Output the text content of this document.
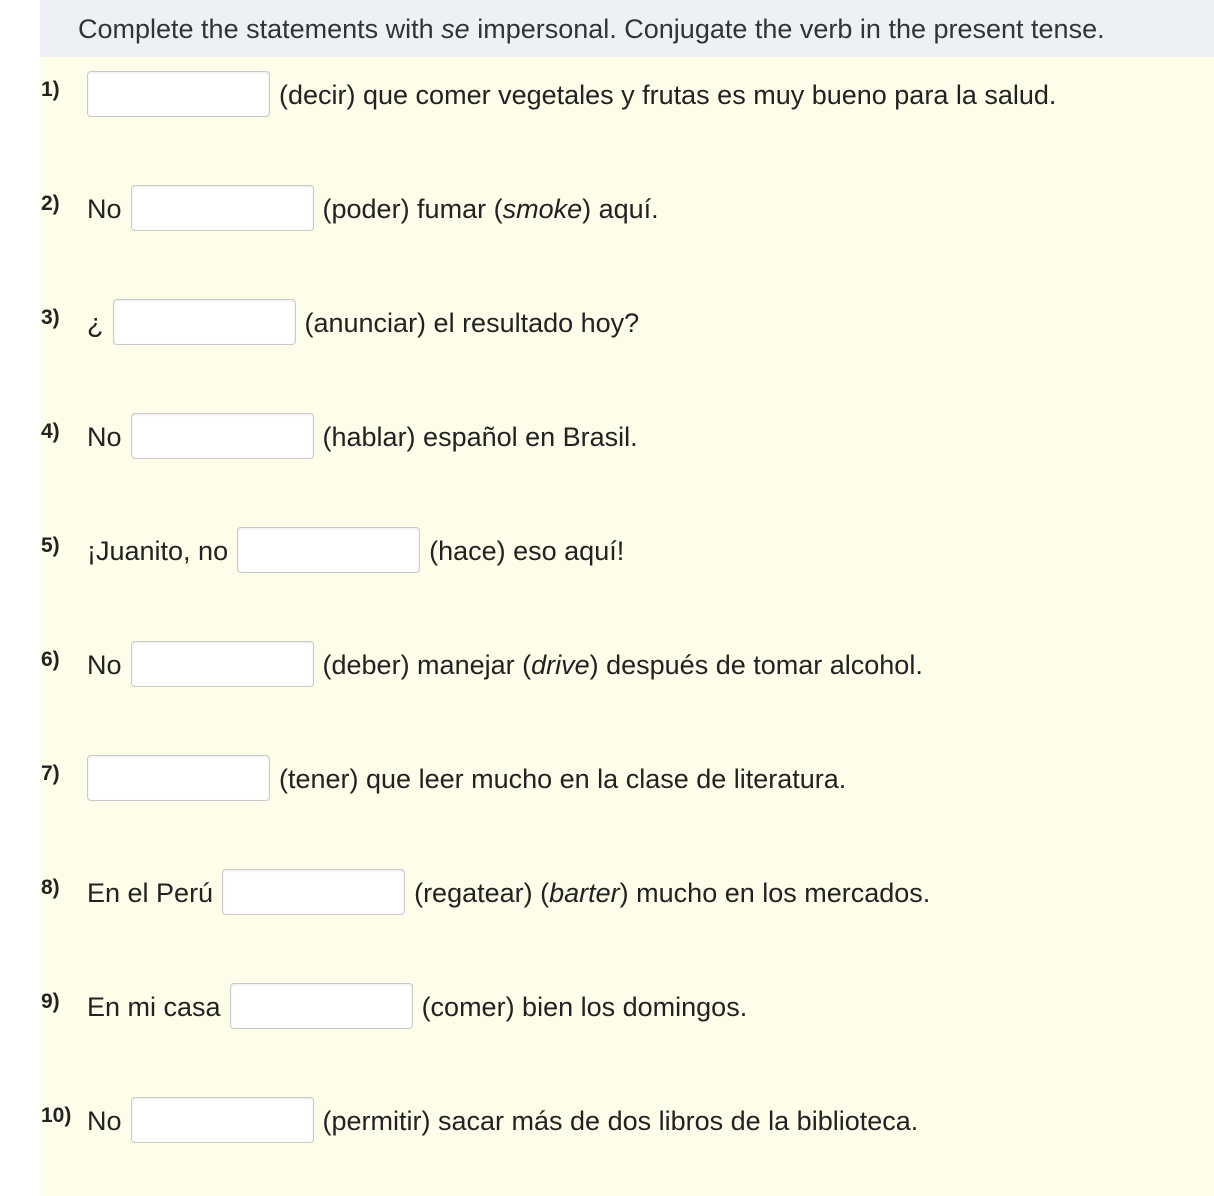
Complete the statements with se impersonal. Conjugate the verb in the present tense.
1)	(decir) que comer vegetales y frutas es muy bueno para la salud.
2) No	(poder) fumar (smoke) aquí.
3) ¿	(anunciar) el resultado hoy?
4) No	(hablar) español en Brasil.
5) ¡Juanito, no	(hace) eso aquí!
6) No	(deber) manejar (drive) después de tomar alcohol.
7)	(tener) que leer mucho en la clase de literatura.
8) En el Perú	(regatear) (barter) mucho en los mercados.
9) En mi casa	(comer) bien los domingos.
10) No	(permitir) sacar más de dos libros de la biblioteca.
